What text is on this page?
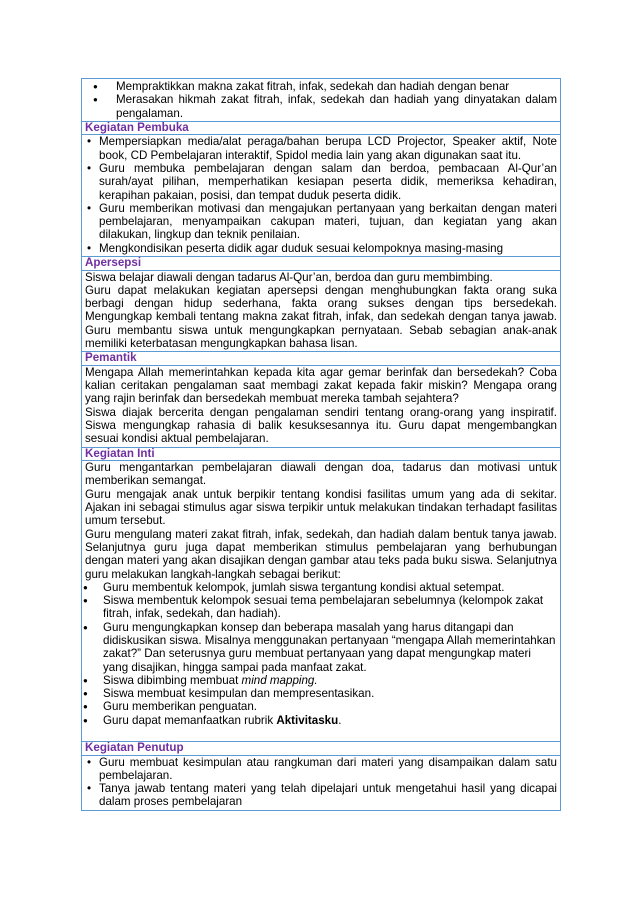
● Mempraktikkan makna zakat fitrah, infak, sedekah dan hadiah dengan benar
● Merasakan hikmah zakat fitrah, infak, sedekah dan hadiah yang dinyatakan dalam pengalaman.
Kegiatan Pembuka
• Mempersiapkan media/alat peraga/bahan berupa LCD Projector, Speaker aktif, Note book, CD Pembelajaran interaktif, Spidol media lain yang akan digunakan saat itu.
• Guru membuka pembelajaran dengan salam dan berdoa, pembacaan Al-Qur’an surah/ayat pilihan, memperhatikan kesiapan peserta didik, memeriksa kehadiran, kerapihan pakaian, posisi, dan tempat duduk peserta didik.
• Guru memberikan motivasi dan mengajukan pertanyaan yang berkaitan dengan materi pembelajaran, menyampaikan cakupan materi, tujuan, dan kegiatan yang akan dilakukan, lingkup dan teknik penilaian.
• Mengkondisikan peserta didik agar duduk sesuai kelompoknya masing-masing
Apersepsi

Siswa belajar diawali dengan tadarus Al-Qur’an, berdoa dan guru membimbing.

Guru dapat melakukan kegiatan apersepsi dengan menghubungkan fakta orang suka berbagi dengan hidup sederhana, fakta orang sukses dengan tips bersedekah. Mengungkap kembali tentang makna zakat fitrah, infak, dan sedekah dengan tanya jawab. Guru membantu siswa untuk mengungkapkan pernyataan. Sebab sebagian anak-anak memiliki keterbatasan mengungkapkan bahasa lisan.

Pemantik

Mengapa Allah memerintahkan kepada kita agar gemar berinfak dan bersedekah? Coba kalian ceritakan pengalaman saat membagi zakat kepada fakir miskin? Mengapa orang yang rajin berinfak dan bersedekah membuat mereka tambah sejahtera?

Siswa diajak bercerita dengan pengalaman sendiri tentang orang-orang yang inspiratif. Siswa mengungkap rahasia di balik kesuksesannya itu. Guru dapat mengembangkan sesuai kondisi aktual pembelajaran.

Kegiatan Inti

Guru mengantarkan pembelajaran diawali dengan doa, tadarus dan motivasi untuk memberikan semangat.

Guru mengajak anak untuk berpikir tentang kondisi fasilitas umum yang ada di sekitar. Ajakan ini sebagai stimulus agar siswa terpikir untuk melakukan tindakan terhadapt fasilitas umum tersebut.

Guru mengulang materi zakat fitrah, infak, sedekah, dan hadiah dalam bentuk tanya jawab. Selanjutnya guru juga dapat memberikan stimulus pembelajaran yang berhubungan dengan materi yang akan disajikan dengan gambar atau teks pada buku siswa. Selanjutnya guru melakukan langkah-langkah sebagai berikut:

● Guru membentuk kelompok, jumlah siswa tergantung kondisi aktual setempat.
● Siswa membentuk kelompok sesuai tema pembelajaran sebelumnya (kelompok zakat fitrah, infak, sedekah, dan hadiah).
● Guru mengungkapkan konsep dan beberapa masalah yang harus ditangapi dan didiskusikan siswa. Misalnya menggunakan pertanyaan “mengapa Allah memerintahkan zakat?” Dan seterusnya guru membuat pertanyaan yang dapat mengungkap materi yang disajikan, hingga sampai pada manfaat zakat.
● Siswa dibimbing membuat mind mapping.
● Siswa membuat kesimpulan dan mempresentasikan.
● Guru memberikan penguatan.
● Guru dapat memanfaatkan rubrik Aktivitasku.
Kegiatan Penutup
• Guru membuat kesimpulan atau rangkuman dari materi yang disampaikan dalam satu pembelajaran.
• Tanya jawab tentang materi yang telah dipelajari untuk mengetahui hasil yang dicapai dalam proses pembelajaran
